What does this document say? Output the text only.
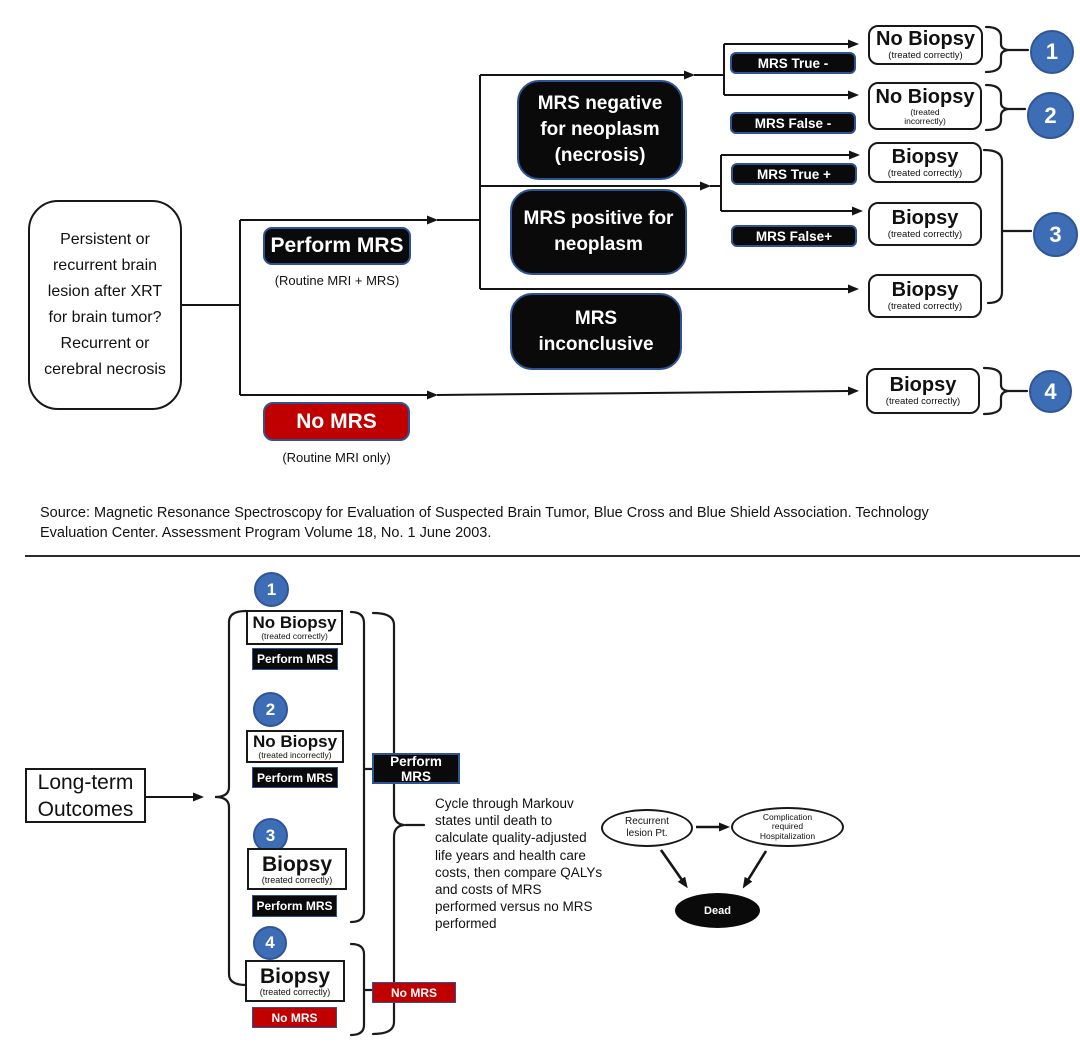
Persistent or
recurrent brain
lesion after XRT
for brain tumor?
Recurrent or
cerebral necrosis
Perform MRS
(Routine MRI + MRS)
No MRS
(Routine MRI only)
MRS negative
for neoplasm
(necrosis)
MRS positive for
neoplasm
MRS
inconclusive
MRS True -
MRS False -
MRS True +
MRS False+
No Biopsy
(treated correctly)
No Biopsy
(treated
incorrectly)
Biopsy
(treated correctly)
Biopsy
(treated correctly)
Biopsy
(treated correctly)
Biopsy
(treated correctly)
1
2
3
4
Source: Magnetic Resonance Spectroscopy for Evaluation of Suspected Brain Tumor, Blue Cross and Blue Shield Association. Technology
Evaluation Center. Assessment Program Volume 18, No. 1 June 2003.
Long-term
Outcomes
1
No Biopsy
(treated correctly)
Perform MRS
2
No Biopsy
(treated incorrectly)
Perform MRS
3
Biopsy
(treated correctly)
Perform MRS
4
Biopsy
(treated correctly)
No MRS
Perform MRS
No MRS
Cycle through Markouv
states until death to
calculate quality-adjusted
life years and health care
costs, then compare QALYs
and costs of MRS
performed versus no MRS
performed
Recurrent
lesion Pt.
Complication
required
Hospitalization
Dead
